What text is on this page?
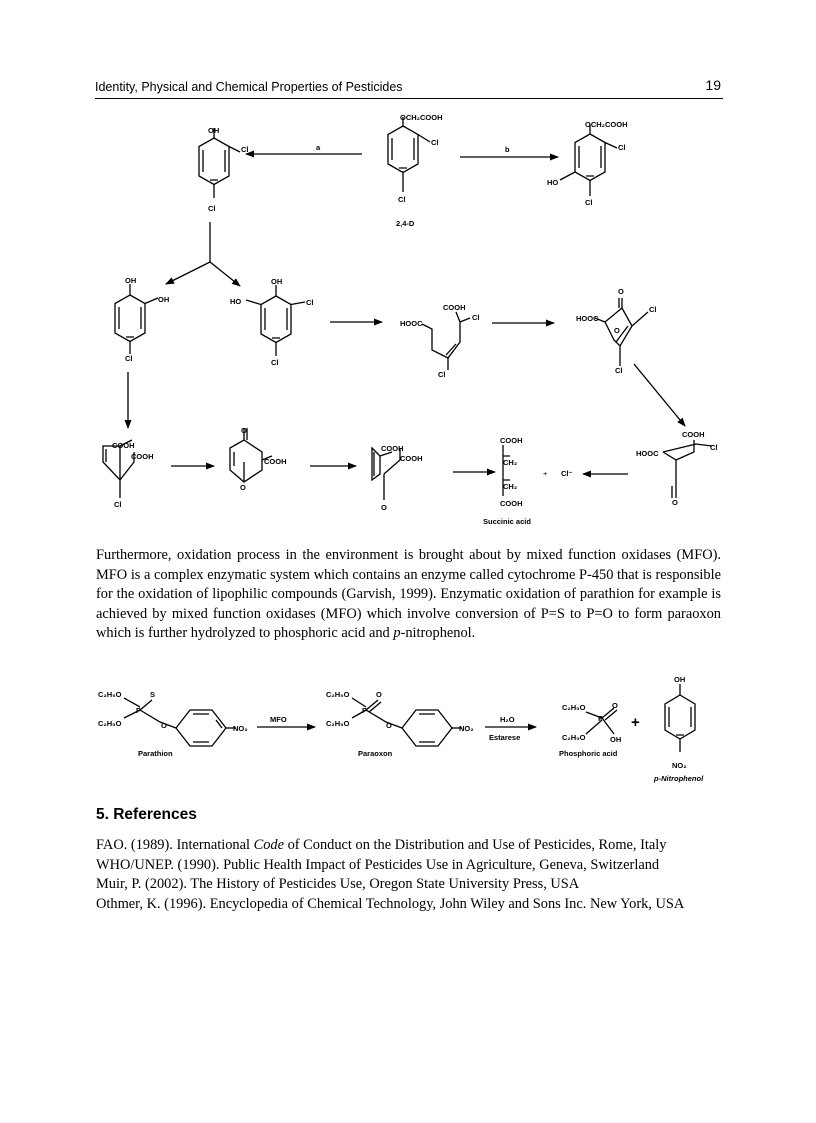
Identity, Physical and Chemical Properties of Pesticides	19
OH
Cl
Cl
a
OCH₂COOH
Cl
Cl
2,4-D
b
OCH₂COOH
Cl
HO
Cl
OH
OH
Cl
OH
HO	Cl
Cl
COOH
HOOC
Cl
Cl
O
HOOC
Cl
O
Cl
COOH
COOH
Cl
O
O
COOH
COOH
COOH
O
COOH
CH₂
CH₂
COOH
Succinic acid
+ Cl⁻
COOH
HOOC
Cl
O
Furthermore, oxidation process in the environment is brought about by mixed function oxidases (MFO). MFO is a complex enzymatic system which contains an enzyme called cytochrome P-450 that is responsible for the oxidation of lipophilic compounds (Garvish, 1999). Enzymatic oxidation of parathion for example is achieved by mixed function oxidases (MFO) which involve conversion of P=S to P=O to form paraoxon which is further hydrolyzed to phosphoric acid and p-nitrophenol.
C₂H₅O	S
P
C₂H₅O	O	NO₂
MFO
Parathion
C₂H₅O	O
P
C₂H₅O	O	NO₂
Paraoxon
H₂O
Estarese
C₂H₅O	O
P
C₂H₅O	OH
Phosphoric acid
+
OH
NO₂
p-Nitrophenol
5. References
FAO. (1989). International Code of Conduct on the Distribution and Use of Pesticides, Rome, Italy
WHO/UNEP. (1990). Public Health Impact of Pesticides Use in Agriculture, Geneva, Switzerland
Muir, P. (2002). The History of Pesticides Use, Oregon State University Press, USA
Othmer, K. (1996). Encyclopedia of Chemical Technology, John Wiley and Sons Inc. New York, USA
